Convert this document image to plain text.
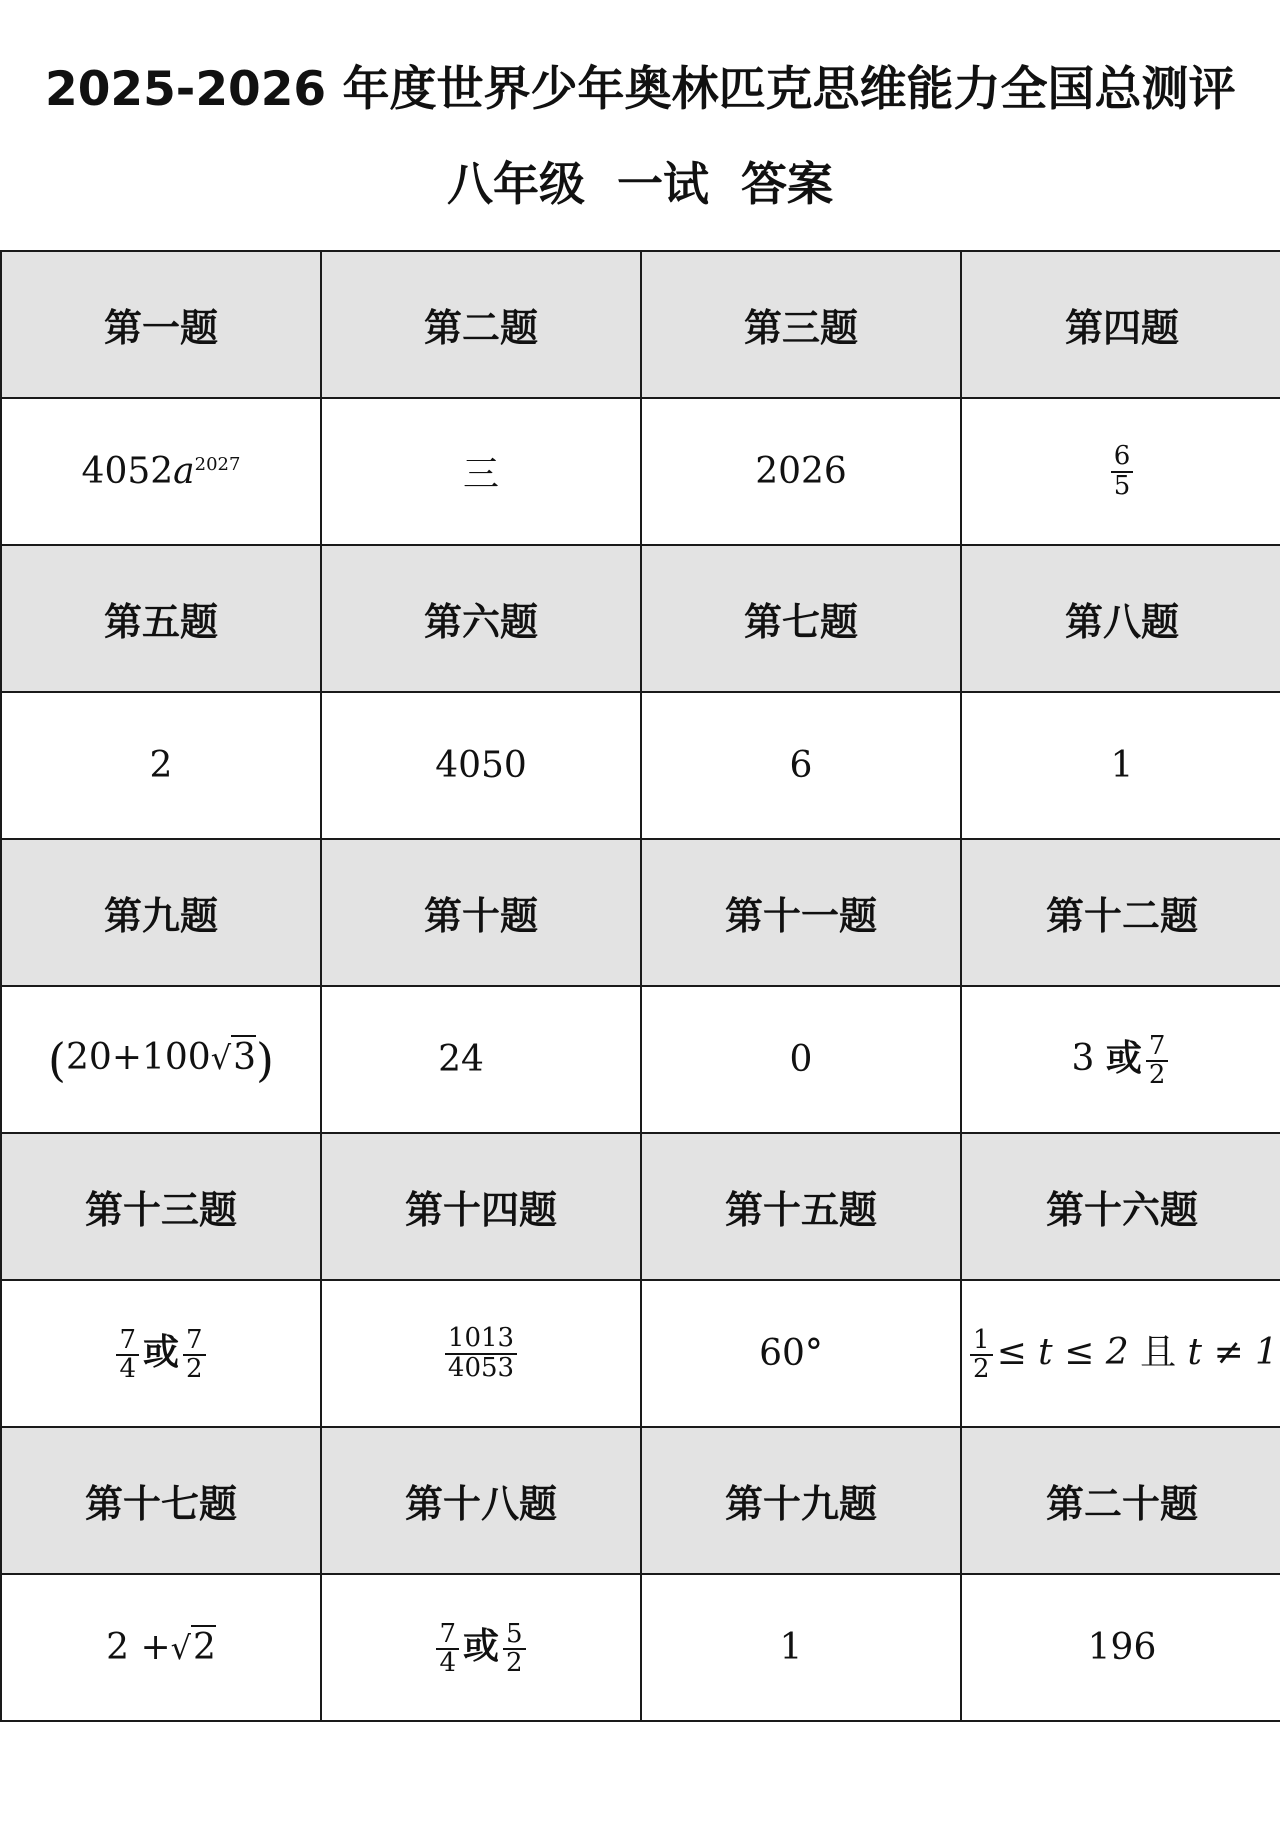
2025-2026 年度世界少年奥林匹克思维能力全国总测评
八年级  一试  答案
第一题	第二题	第三题	第四题
$4052a^{2027}$	三	2026	$\frac{6}{5}$

第五题	第六题	第七题	第八题
2	4050	6	1
第九题	第十题	第十一题	第十二题
(20+100√3)	24	0	3 或 $\frac{7}{2}$

第十三题	第十四题	第十五题	第十六题

$\frac{7}{4}$ 或 $\frac{7}{2}$	$\frac{1013}{4053}$	60°	$\frac{1}{2} \le t \le 2$ 且 t ≠ 1
第十七题	第十八题	第十九题	第二十题
2 +√2	$\frac{7}{4}$ 或 $\frac{5}{2}$	1	196
